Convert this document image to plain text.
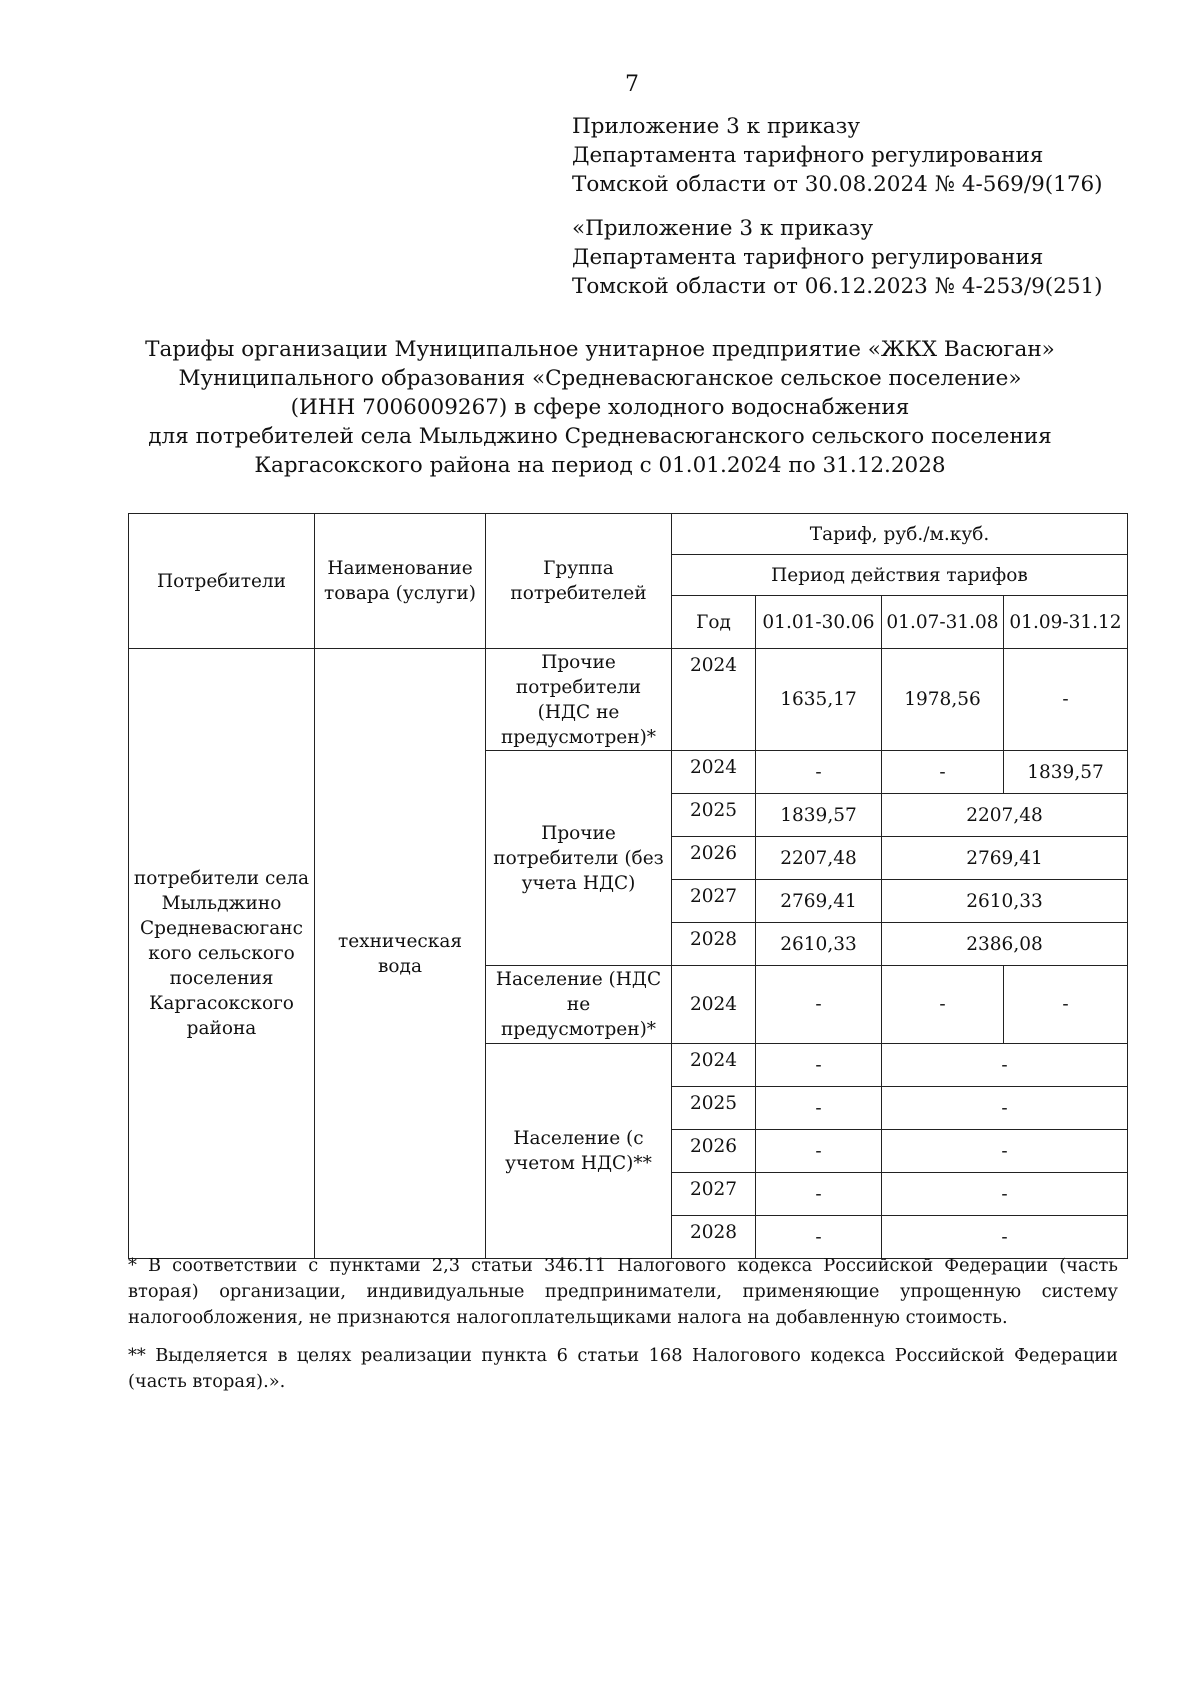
7
Приложение 3 к приказу
Департамента тарифного регулирования
Томской области от 30.08.2024 № 4-569/9(176)
«Приложение 3 к приказу
Департамента тарифного регулирования
Томской области от 06.12.2023 № 4-253/9(251)
Тарифы организации Муниципальное унитарное предприятие «ЖКХ Васюган»
Муниципального образования «Средневасюганское сельское поселение»
(ИНН 7006009267) в сфере холодного водоснабжения
для потребителей села Мыльджино Средневасюганского сельского поселения
Каргасокского района на период с 01.01.2024 по 31.12.2028
Потребители	Наименование товара (услуги)	Группа потребителей	Тариф, руб./м.куб.			
			Период действия тарифов			
			Год	01.01-30.06	01.07-31.08	01.09-31.12
потребители села Мыльджино Средневасюганс кого сельского поселения Каргасокского района	техническая вода	Прочие потребители (НДС не предусмотрен)*	2024	1635,17	1978,56	-
		Прочие потребители (без учета НДС)	2024	-	-	1839,57
			2025	1839,57	2207,48	
			2026	2207,48	2769,41	
			2027	2769,41	2610,33	
			2028	2610,33	2386,08	
		Население (НДС не предусмотрен)*	2024	-	-	-
		Население (с учетом НДС)**	2024	-	-	
			2025	-	-	
			2026	-	-	
			2027	-	-	
			2028	-	-	
* В соответствии с пунктами 2,3 статьи 346.11 Налогового кодекса Российской Федерации (часть вторая) организации, индивидуальные предприниматели, применяющие упрощенную систему налогообложения, не признаются налогоплательщиками налога на добавленную стоимость.
** Выделяется в целях реализации пункта 6 статьи 168 Налогового кодекса Российской Федерации (часть вторая).».
